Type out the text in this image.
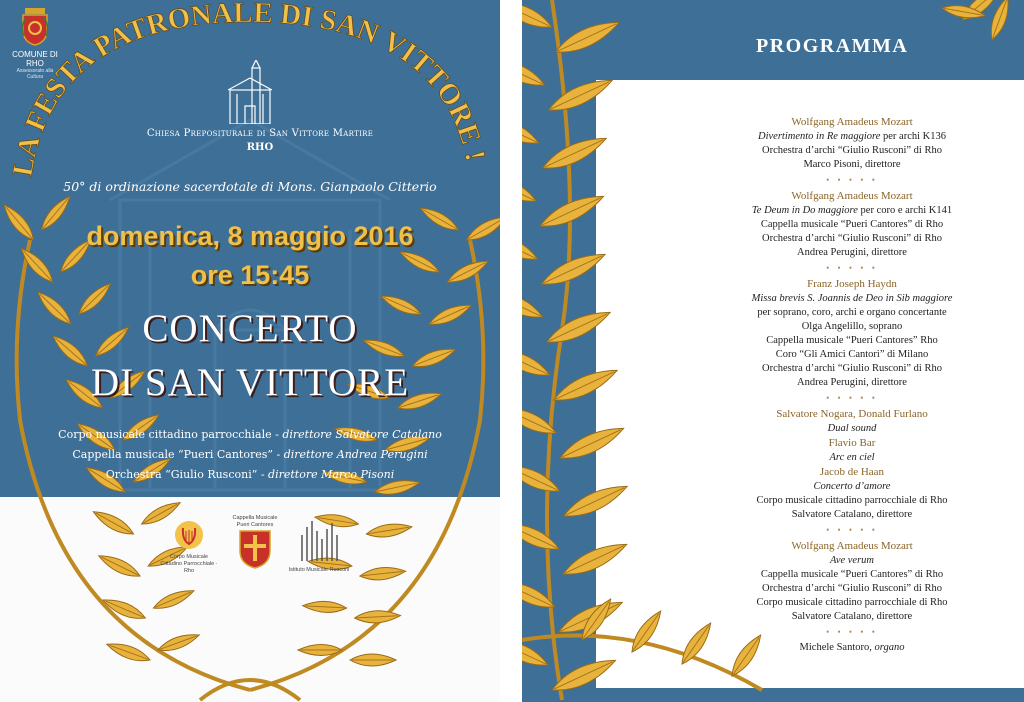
COMUNE DI RHO
Assessorato alla Cultura
LA FESTA PATRONALE DI SAN VITTORE !
Chiesa Prepositurale di San Vittore Martire
RHO
50° di ordinazione sacerdotale di Mons. Gianpaolo Citterio
domenica, 8 maggio 2016
ore 15:45
CONCERTO
DI SAN VITTORE
Corpo musicale cittadino parrocchiale - direttore Salvatore Catalano
Cappella musicale “Pueri Cantores” - direttore Andrea Perugini
Orchestra “Giulio Rusconi” - direttore Marco Pisoni
Corpo Musicale
Cittadino Parrocchiale · Rho
Cappella Musicale
Pueri Cantores
Istituto Musicale Rusconi
PROGRAMMA
Wolfgang Amadeus Mozart
Divertimento in Re maggiore per archi K136
Orchestra d’archi “Giulio Rusconi” di Rho
Marco Pisoni, direttore
• • • • •
Wolfgang Amadeus Mozart
Te Deum in Do maggiore per coro e archi K141
Cappella musicale “Pueri Cantores” di Rho
Orchestra d’archi “Giulio Rusconi” di Rho
Andrea Perugini, direttore
• • • • •
Franz Joseph Haydn
Missa brevis S. Joannis de Deo in Sib maggiore
per soprano, coro, archi e organo concertante
Olga Angelillo, soprano
Cappella musicale “Pueri Cantores” Rho
Coro “Gli Amici Cantori” di Milano
Orchestra d’archi “Giulio Rusconi” di Rho
Andrea Perugini, direttore
• • • • •
Salvatore Nogara, Donald Furlano
Dual sound
Flavio Bar
Arc en ciel
Jacob de Haan
Concerto d’amore
Corpo musicale cittadino parrocchiale di Rho
Salvatore Catalano, direttore
• • • • •
Wolfgang Amadeus Mozart
Ave verum
Cappella musicale “Pueri Cantores” di Rho
Orchestra d’archi “Giulio Rusconi” di Rho
Corpo musicale cittadino parrocchiale di Rho
Salvatore Catalano, direttore
• • • • •
Michele Santoro, organo
